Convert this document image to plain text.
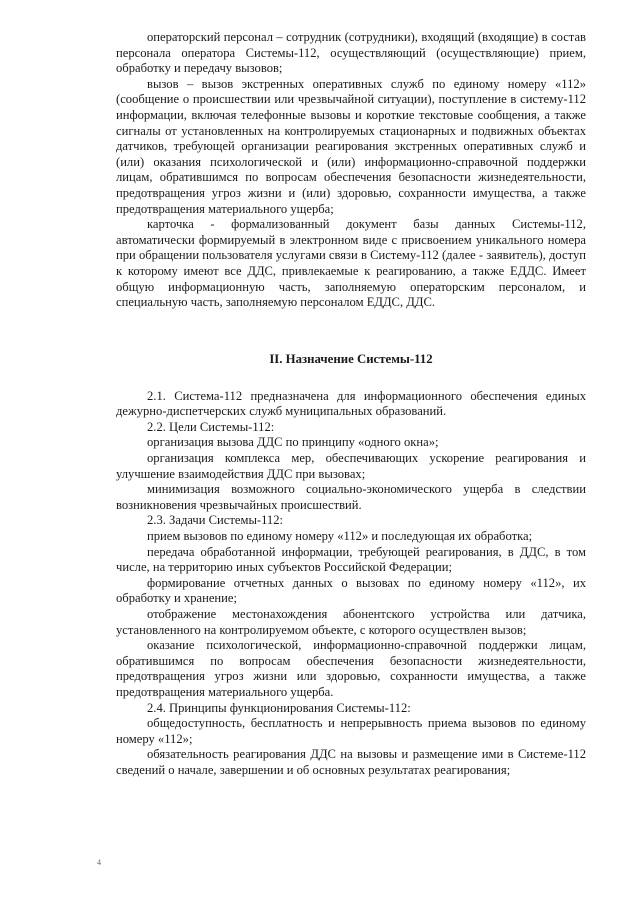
операторский персонал – сотрудник (сотрудники), входящий (входящие) в состав персонала оператора Системы-112, осуществляющий (осуществляющие) прием, обработку и передачу вызовов;

вызов – вызов экстренных оперативных служб по единому номеру «112» (сообщение о происшествии или чрезвычайной ситуации), поступление в систему-112 информации, включая телефонные вызовы и короткие текстовые сообщения, а также сигналы от установленных на контролируемых стационарных и подвижных объектах датчиков, требующей организации реагирования экстренных оперативных служб и (или) оказания психологической и (или) информационно-справочной поддержки лицам, обратившимся по вопросам обеспечения безопасности жизнедеятельности, предотвращения угроз жизни и (или) здоровью, сохранности имущества, а также предотвращения материального ущерба;

карточка - формализованный документ базы данных Системы-112, автоматически формируемый в электронном виде с присвоением уникального номера при обращении пользователя услугами связи в Систему-112 (далее - заявитель), доступ к которому имеют все ДДС, привлекаемые к реагированию, а также ЕДДС. Имеет общую информационную часть, заполняемую операторским персоналом, и специальную часть, заполняемую персоналом ЕДДС, ДДС.

II. Назначение Системы-112

2.1. Система-112 предназначена для информационного обеспечения единых дежурно-диспетчерских служб муниципальных образований.

2.2. Цели Системы-112:

организация вызова ДДС по принципу «одного окна»;

организация комплекса мер, обеспечивающих ускорение реагирования и улучшение взаимодействия ДДС при вызовах;

минимизация возможного социально-экономического ущерба в следствии возникновения чрезвычайных происшествий.

2.3. Задачи Системы-112:

прием вызовов по единому номеру «112» и последующая их обработка;

передача обработанной информации, требующей реагирования, в ДДС, в том числе, на территорию иных субъектов Российской Федерации;

формирование отчетных данных о вызовах по единому номеру «112», их обработку и хранение;

отображение местонахождения абонентского устройства или датчика, установленного на контролируемом объекте, с которого осуществлен вызов;

оказание психологической, информационно-справочной поддержки лицам, обратившимся по вопросам обеспечения безопасности жизнедеятельности, предотвращения угроз жизни или здоровью, сохранности имущества, а также предотвращения материального ущерба.

2.4. Принципы функционирования Системы-112:

общедоступность, бесплатность и непрерывность приема вызовов по единому номеру «112»;

обязательность реагирования ДДС на вызовы и размещение ими в Системе-112 сведений о начале, завершении и об основных результатах реагирования;

4
